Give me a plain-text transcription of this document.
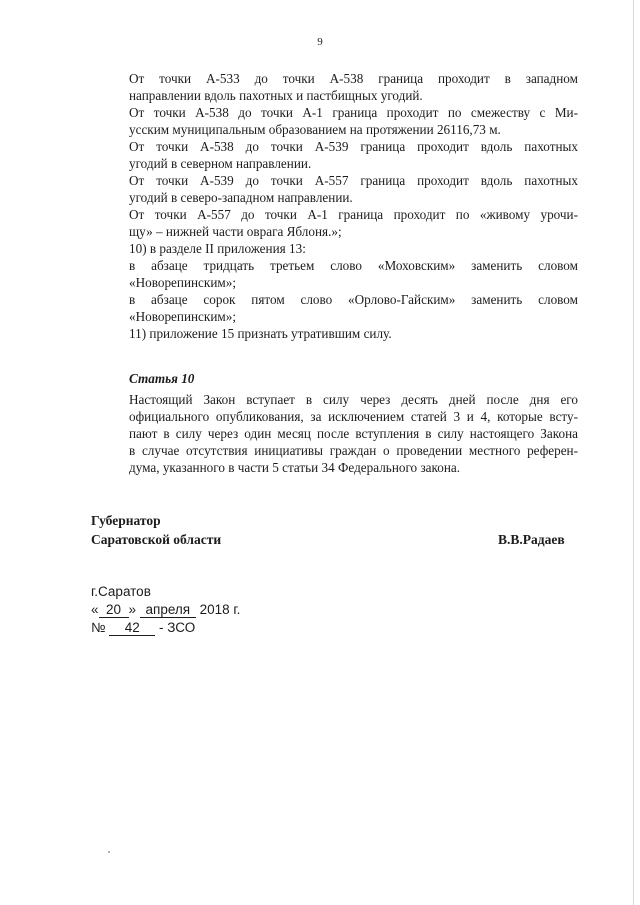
9

От точки А-533 до точки А-538 граница проходит в западном
направлении вдоль пахотных и пастбищных угодий.

От точки А-538 до точки А-1 граница проходит по смежеству с Ми-
усским муниципальным образованием на протяжении 26116,73 м.

От точки А-538 до точки А-539 граница проходит вдоль пахотных
угодий в северном направлении.

От точки А-539 до точки А-557 граница проходит вдоль пахотных
угодий в северо-западном направлении.

От точки А-557 до точки А-1 граница проходит по «живому урочи-
щу» – нижней части оврага Яблоня.»;

10) в разделе II приложения 13:

в абзаце тридцать третьем слово «Моховским» заменить словом
«Новорепинским»;

в абзаце сорок пятом слово «Орлово-Гайским» заменить словом
«Новорепинским»;

11) приложение 15 признать утратившим силу.

Статья 10

Настоящий Закон вступает в силу через десять дней после дня его
официального опубликования, за исключением статей 3 и 4, которые всту-
пают в силу через один месяц после вступления в силу настоящего Закона
в случае отсутствия инициативы граждан о проведении местного референ-
дума, указанного в части 5 статьи 34 Федерального закона.

Губернатор
Саратовской области	В.В.Радаев
г.Саратов
« 20 » апреля 2018 г.
№ 42 - ЗСО
